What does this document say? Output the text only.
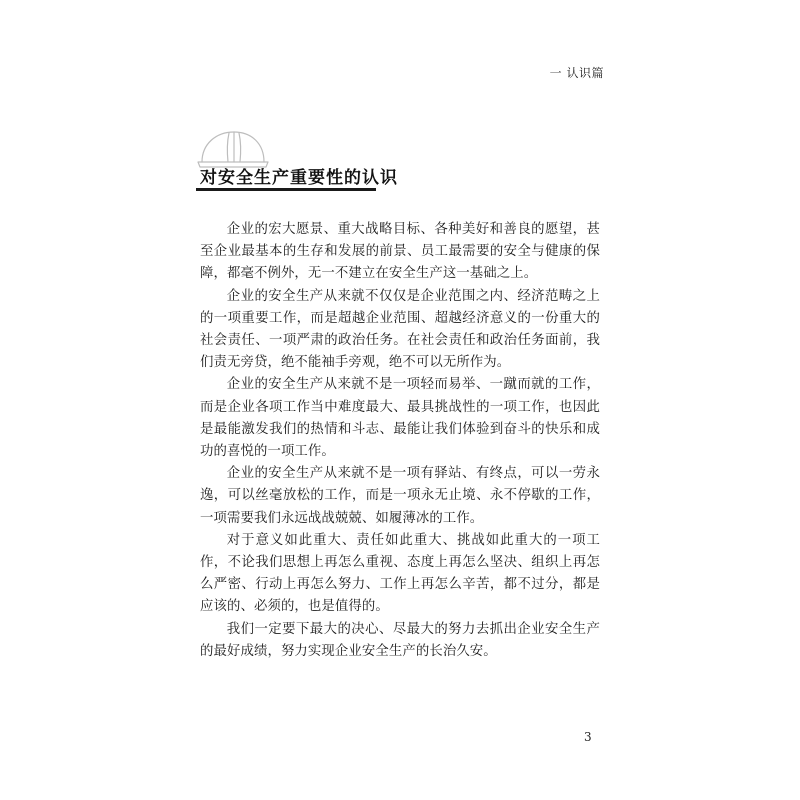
一 认识篇
对安全生产重要性的认识

企业的宏大愿景、重大战略目标、各种美好和善良的愿望，甚至企业最基本的生存和发展的前景、员工最需要的安全与健康的保障，都毫不例外，无一不建立在安全生产这一基础之上。

企业的安全生产从来就不仅仅是企业范围之内、经济范畴之上的一项重要工作，而是超越企业范围、超越经济意义的一份重大的社会责任、一项严肃的政治任务。在社会责任和政治任务面前，我们责无旁贷，绝不能袖手旁观，绝不可以无所作为。

企业的安全生产从来就不是一项轻而易举、一蹴而就的工作，而是企业各项工作当中难度最大、最具挑战性的一项工作，也因此是最能激发我们的热情和斗志、最能让我们体验到奋斗的快乐和成功的喜悦的一项工作。

企业的安全生产从来就不是一项有驿站、有终点，可以一劳永逸，可以丝毫放松的工作，而是一项永无止境、永不停歇的工作，一项需要我们永远战战兢兢、如履薄冰的工作。

对于意义如此重大、责任如此重大、挑战如此重大的一项工作，不论我们思想上再怎么重视、态度上再怎么坚决、组织上再怎么严密、行动上再怎么努力、工作上再怎么辛苦，都不过分，都是应该的、必须的，也是值得的。

我们一定要下最大的决心、尽最大的努力去抓出企业安全生产的最好成绩，努力实现企业安全生产的长治久安。

3
